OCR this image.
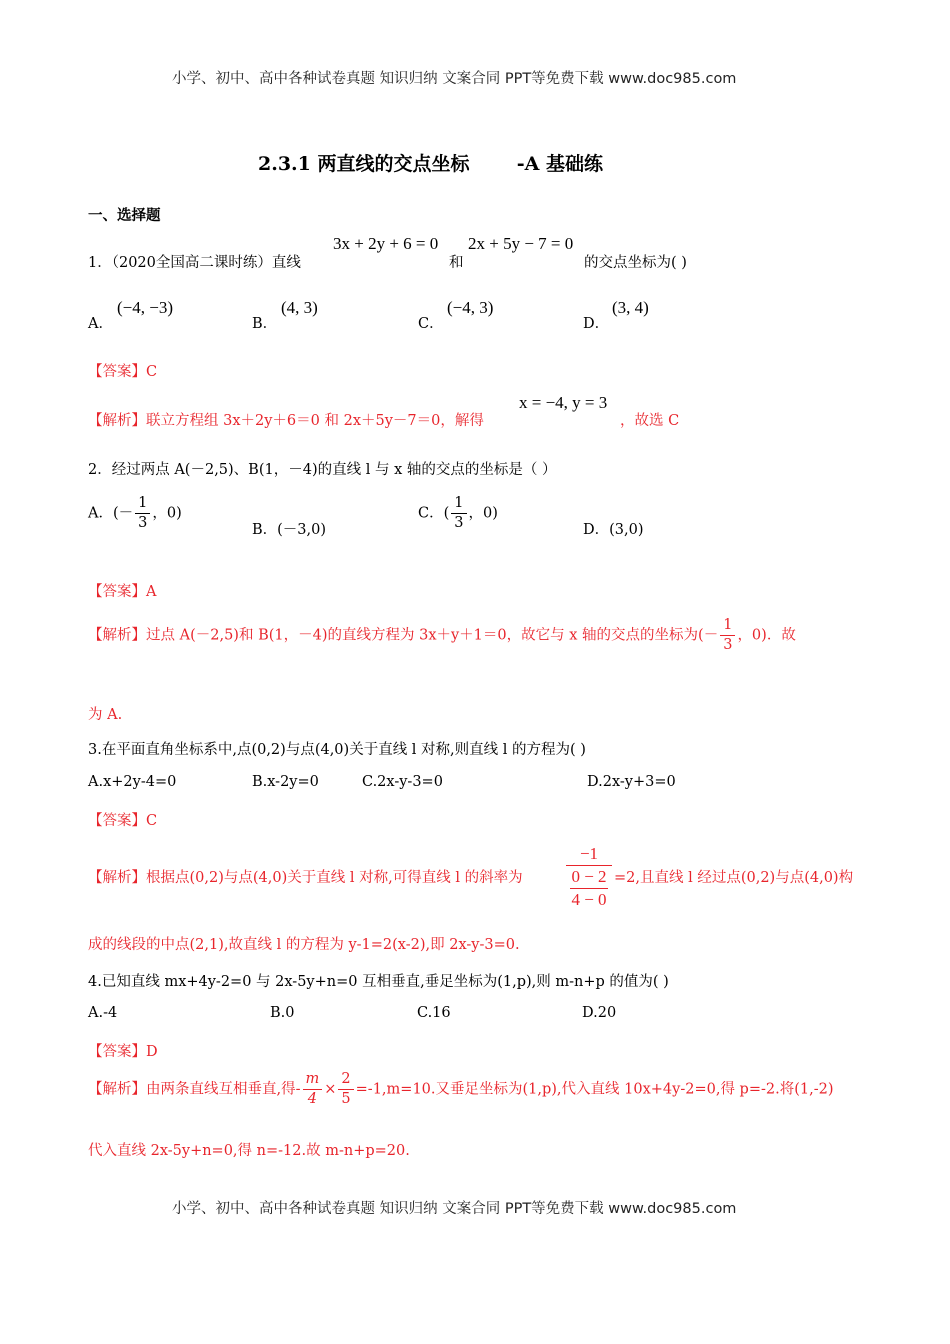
小学、初中、高中各种试卷真题 知识归纳 文案合同 PPT等免费下载 www.doc985.com
2.3.1 两直线的交点坐标 -A 基础练
一、选择题
1．（2020全国高二课时练）直线
3x + 2y + 6 = 0
和
2x + 5y − 7 = 0
的交点坐标为( )
A．
(−4, −3)
B．
(4, 3)
C．
(−4, 3)
D．
(3, 4)
【答案】C
【解析】联立方程组 3x＋2y＋6＝0 和 2x＋5y－7＝0，解得
x = −4, y = 3
，故选 C
2．经过两点 A(－2,5)、B(1，－4)的直线 l 与 x 轴的交点的坐标是（ ）
A．(－ $\frac{1}{3}$ ，0)
B．(－3,0)
C．( $\frac{1}{3}$ ，0)
D．(3,0)
【答案】A
【解析】过点 A(－2,5)和 B(1，－4)的直线方程为 3x＋y＋1＝0，故它与 x 轴的交点的坐标为(－ $\frac{1}{3}$ ，0)．故
为 A.
3.在平面直角坐标系中,点(0,2)与点(4,0)关于直线 l 对称,则直线 l 的方程为( )
A.x+2y-4=0	B.x-2y=0	C.2x-y-3=0	D.2x-y+3=0
【答案】C
【解析】根据点(0,2)与点(4,0)关于直线 l 对称,可得直线 l 的斜率为
−1
0 − 2
4 − 0
=2,且直线 l 经过点(0,2)与点(4,0)构
成的线段的中点(2,1),故直线 l 的方程为 y-1=2(x-2),即 2x-y-3=0.
4.已知直线 mx+4y-2=0 与 2x-5y+n=0 互相垂直,垂足坐标为(1,p),则 m-n+p 的值为( )
A.-4	B.0	C.16	D.20
【答案】D
【解析】由两条直线互相垂直,得- $\frac{m}{4} \times \frac{2}{5} =-1,m=10$.又垂足坐标为(1,p),代入直线 10x+4y-2=0,得 p=-2.将(1,-2)
代入直线 2x-5y+n=0,得 n=-12.故 m-n+p=20.
小学、初中、高中各种试卷真题 知识归纳 文案合同 PPT等免费下载 www.doc985.com
